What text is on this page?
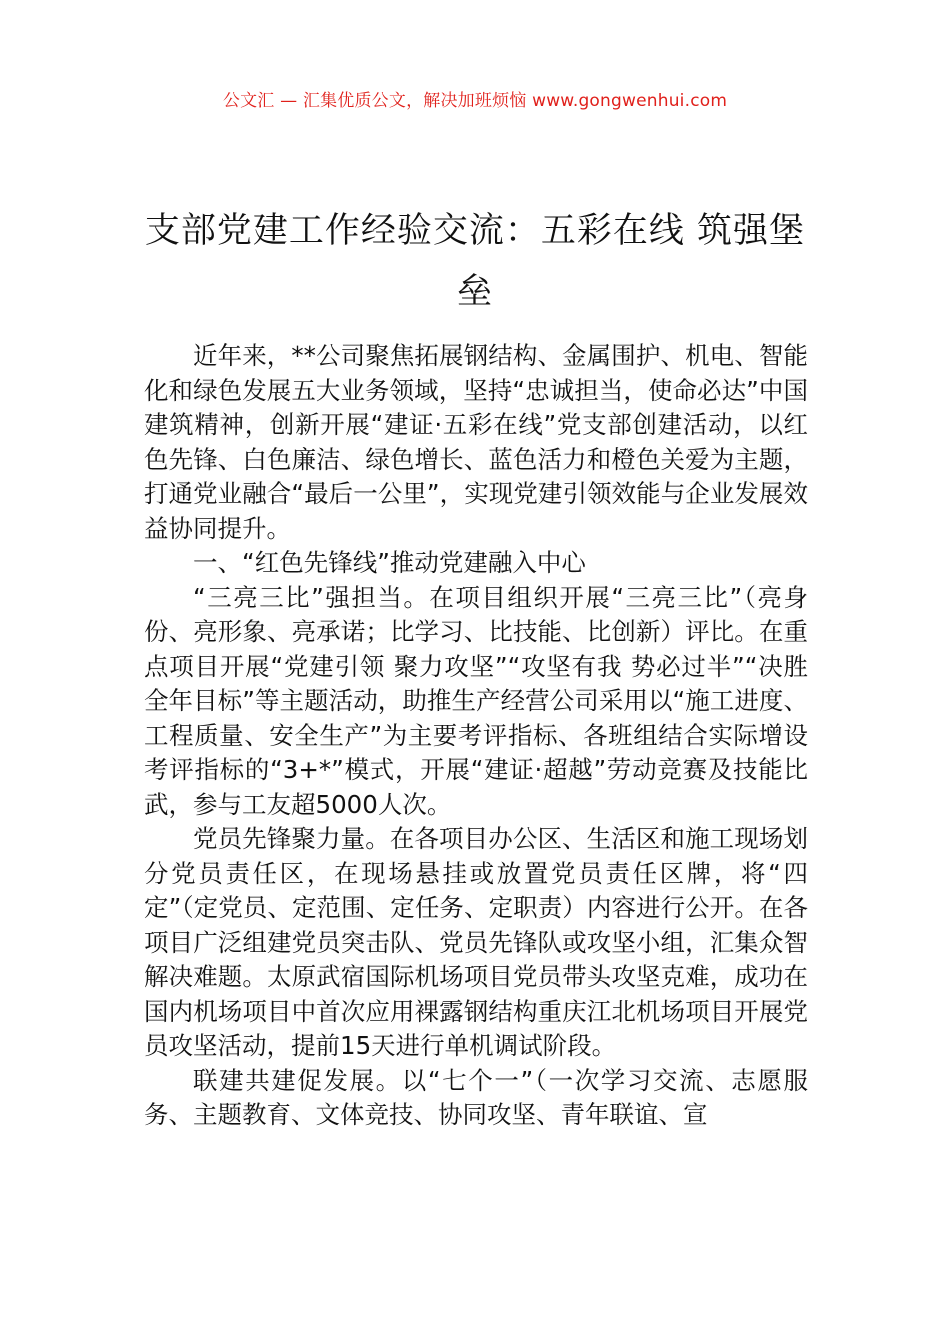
公文汇 — 汇集优质公文，解决加班烦恼 www.gongwenhui.com
支部党建工作经验交流：五彩在线 筑强堡垒

近年来，**公司聚焦拓展钢结构、金属围护、机电、智能化和绿色发展五大业务领域，坚持“忠诚担当，使命必达”中国建筑精神，创新开展“建证·五彩在线”党支部创建活动，以红色先锋、白色廉洁、绿色增长、蓝色活力和橙色关爱为主题，打通党业融合“最后一公里”，实现党建引领效能与企业发展效益协同提升。

一、“红色先锋线”推动党建融入中心

“三亮三比”强担当。在项目组织开展“三亮三比”（亮身份、亮形象、亮承诺；比学习、比技能、比创新）评比。在重点项目开展“党建引领 聚力攻坚”“攻坚有我 势必过半”“决胜全年目标”等主题活动，助推生产经营公司采用以“施工进度、工程质量、安全生产”为主要考评指标、各班组结合实际增设考评指标的“3+*”模式，开展“建证·超越”劳动竞赛及技能比武，参与工友超5000人次。

党员先锋聚力量。在各项目办公区、生活区和施工现场划分党员责任区，在现场悬挂或放置党员责任区牌，将“四定”（定党员、定范围、定任务、定职责）内容进行公开。在各项目广泛组建党员突击队、党员先锋队或攻坚小组，汇集众智解决难题。太原武宿国际机场项目党员带头攻坚克难，成功在国内机场项目中首次应用裸露钢结构重庆江北机场项目开展党员攻坚活动，提前15天进行单机调试阶段。

联建共建促发展。以“七个一”（一次学习交流、志愿服务、主题教育、文体竞技、协同攻坚、青年联谊、宣
